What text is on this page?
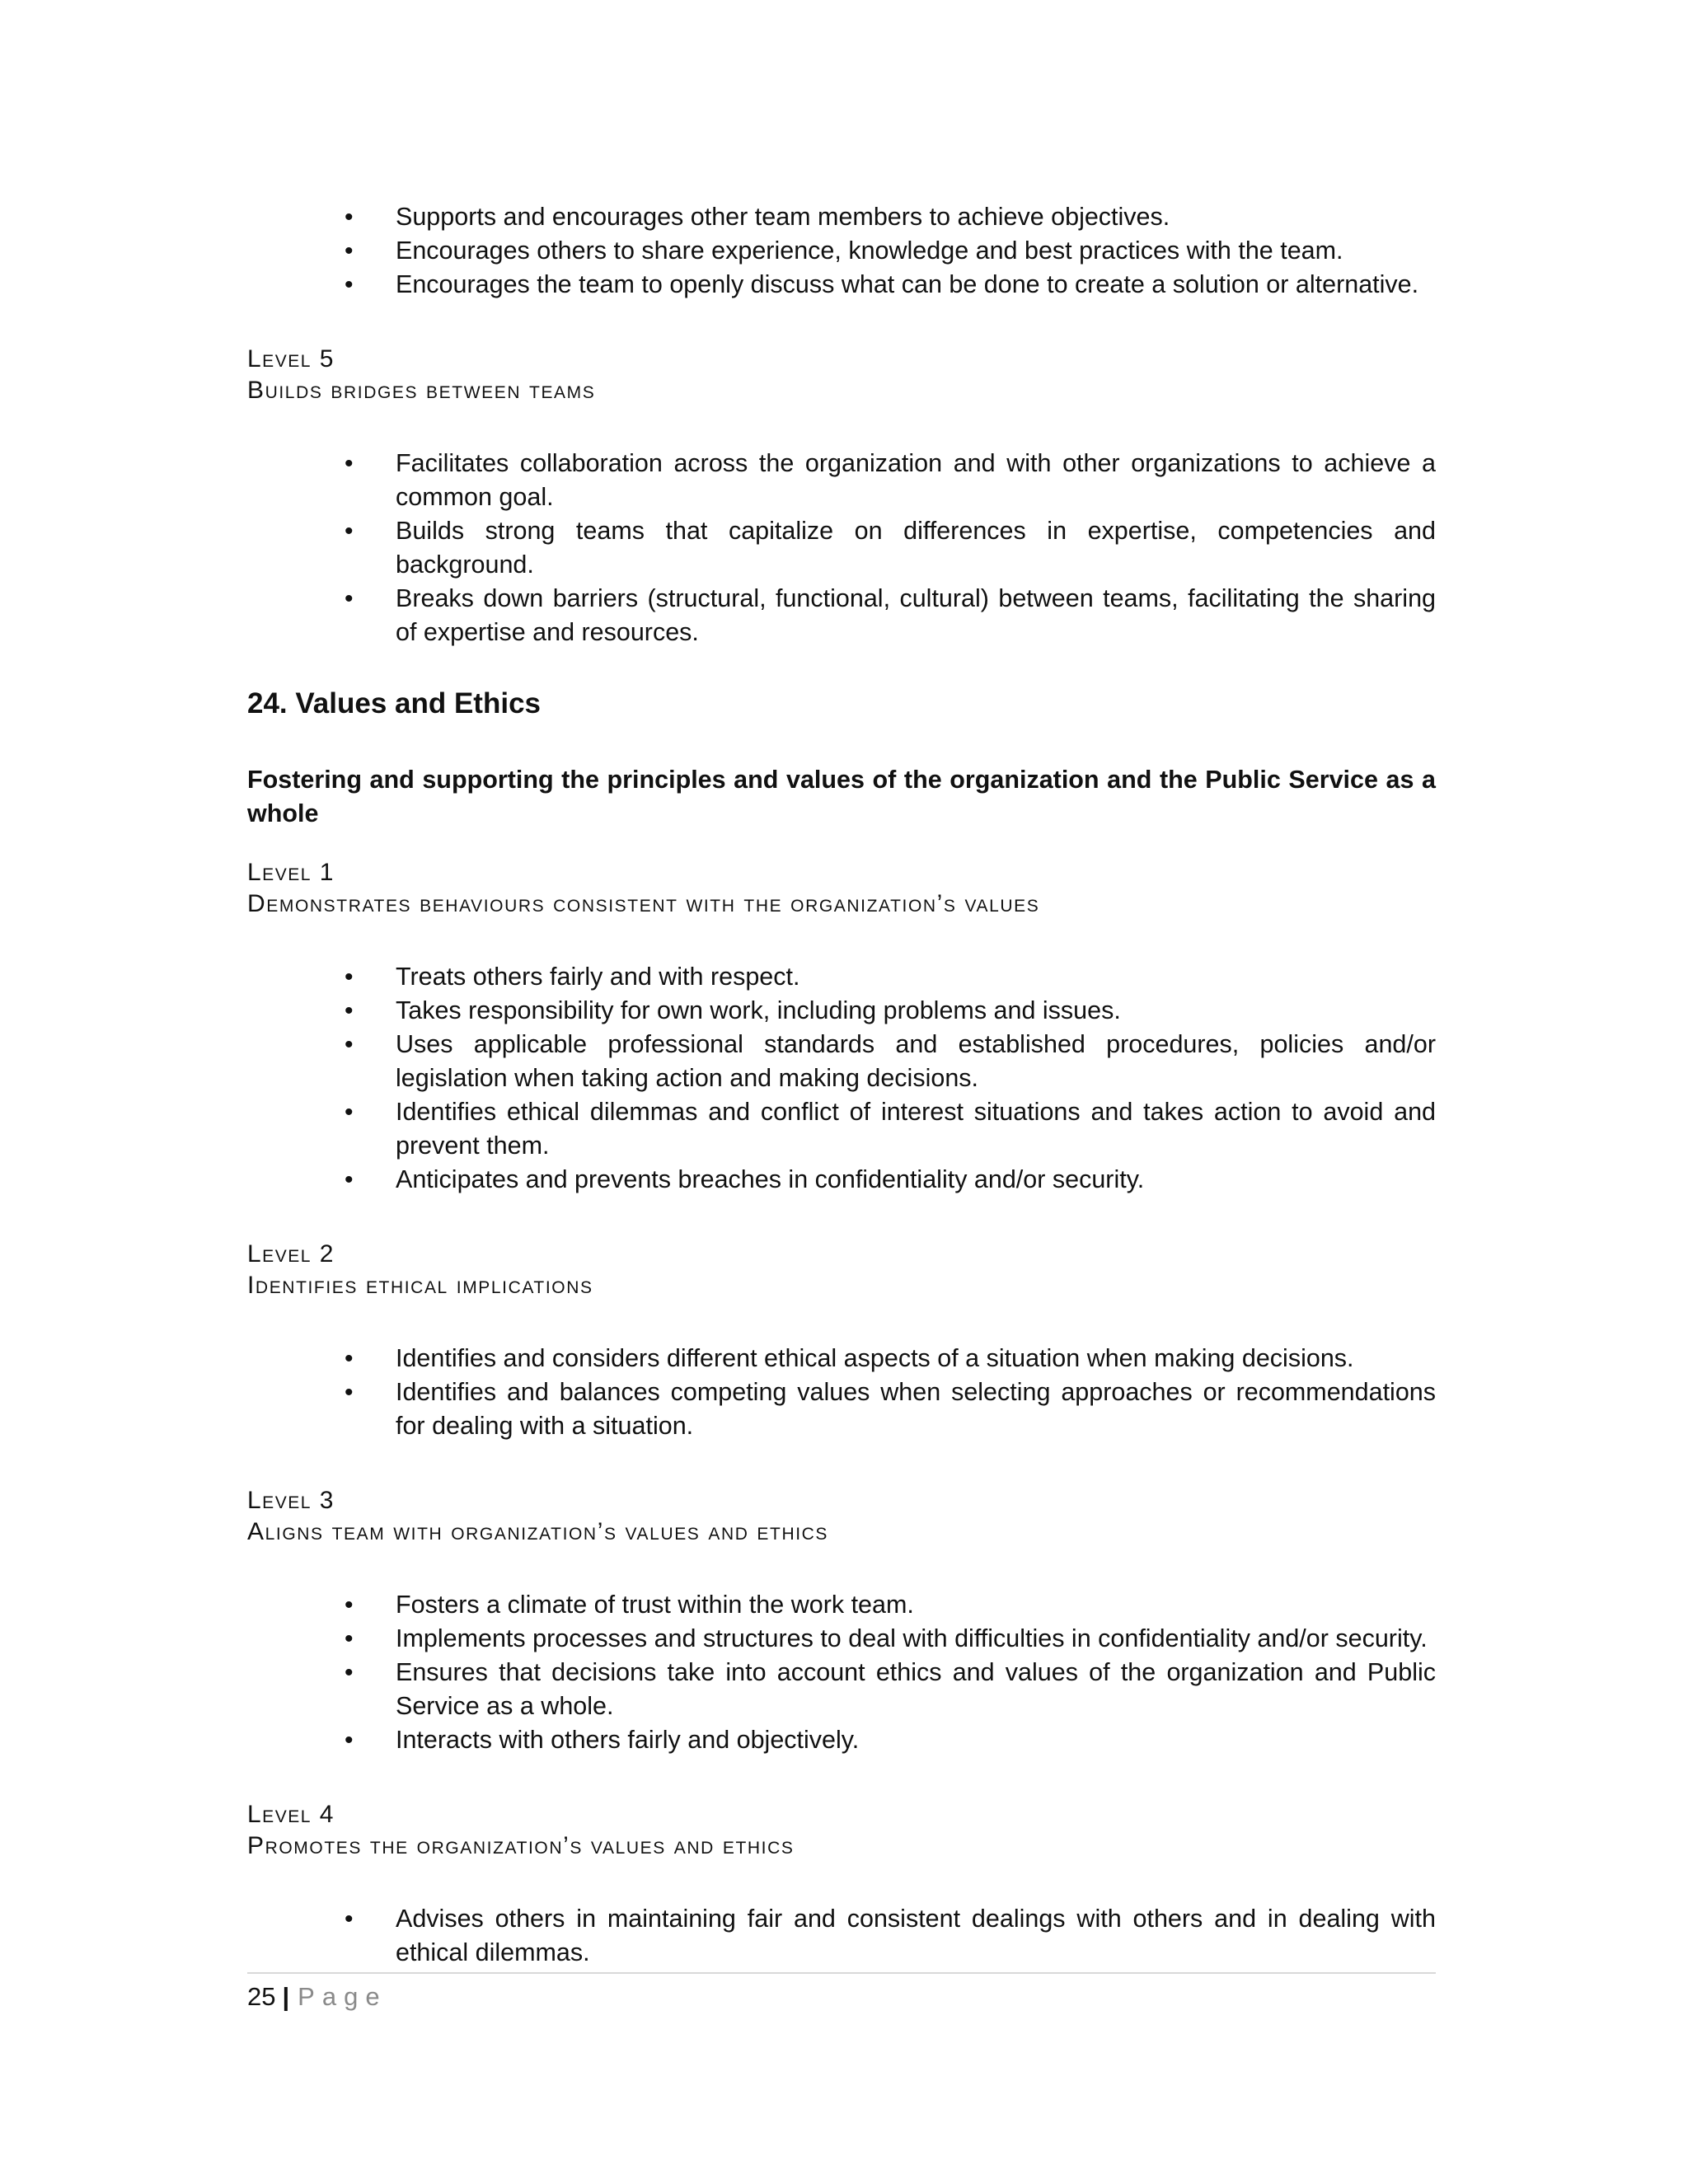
• Supports and encourages other team members to achieve objectives.
• Encourages others to share experience, knowledge and best practices with the team.
• Encourages the team to openly discuss what can be done to create a solution or alternative.
Level 5
Builds bridges between teams
• Facilitates collaboration across the organization and with other organizations to achieve a common goal.
• Builds strong teams that capitalize on differences in expertise, competencies and background.
• Breaks down barriers (structural, functional, cultural) between teams, facilitating the sharing of expertise and resources.
24. Values and Ethics
Fostering and supporting the principles and values of the organization and the Public Service as a whole
Level 1
Demonstrates behaviours consistent with the organization’s values
• Treats others fairly and with respect.
• Takes responsibility for own work, including problems and issues.
• Uses applicable professional standards and established procedures, policies and/or legislation when taking action and making decisions.
• Identifies ethical dilemmas and conflict of interest situations and takes action to avoid and prevent them.
• Anticipates and prevents breaches in confidentiality and/or security.
Level 2
Identifies ethical implications
• Identifies and considers different ethical aspects of a situation when making decisions.
• Identifies and balances competing values when selecting approaches or recommendations for dealing with a situation.
Level 3
Aligns team with organization’s values and ethics
• Fosters a climate of trust within the work team.
• Implements processes and structures to deal with difficulties in confidentiality and/or security.
• Ensures that decisions take into account ethics and values of the organization and Public Service as a whole.
• Interacts with others fairly and objectively.
Level 4
Promotes the organization’s values and ethics
• Advises others in maintaining fair and consistent dealings with others and in dealing with ethical dilemmas.
25 | Page
